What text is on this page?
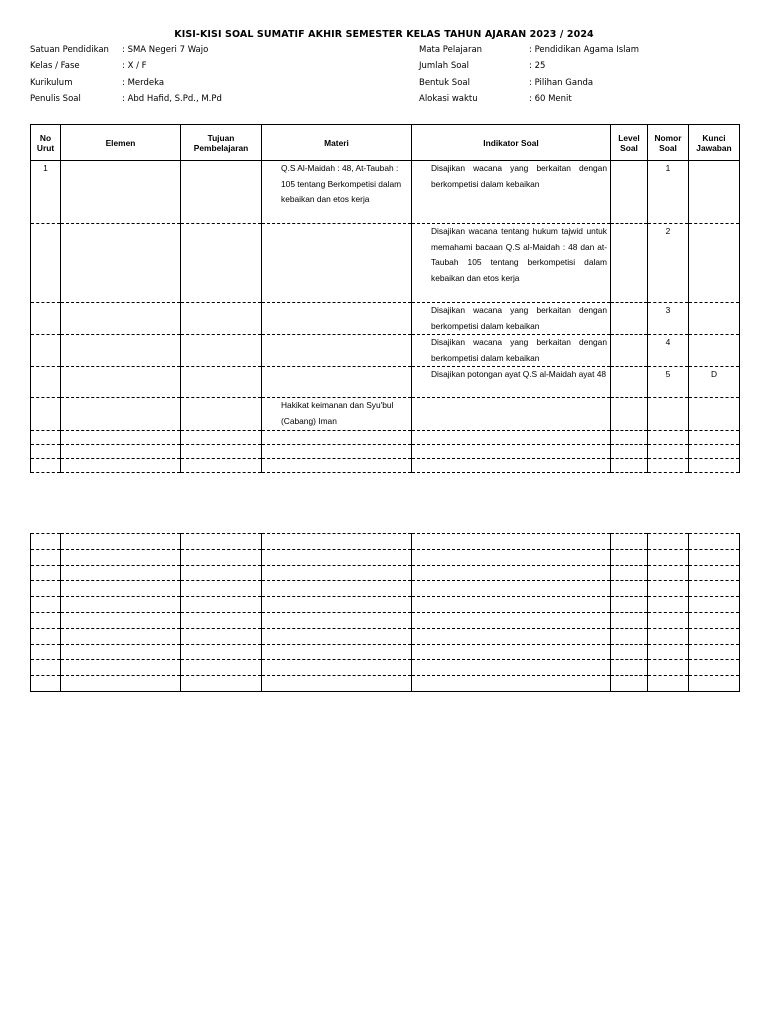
KISI-KISI SOAL SUMATIF AKHIR SEMESTER KELAS TAHUN AJARAN 2023 / 2024
Satuan Pendidikan	: SMA Negeri 7 Wajo
Kelas / Fase	: X / F
Kurikulum	: Merdeka
Penulis Soal	: Abd Hafid, S.Pd., M.Pd
Mata Pelajaran	: Pendidikan Agama Islam
Jumlah Soal	: 25
Bentuk Soal	: Pilihan Ganda
Alokasi waktu	: 60 Menit
No Urut	Elemen	Tujuan Pembelajaran	Materi	Indikator Soal	Level Soal	Nomor Soal	Kunci Jawaban
1			Q.S Al-Maidah : 48, At-Taubah : 105 tentang Berkompetisi dalam kebaikan dan etos kerja	Disajikan wacana yang berkaitan dengan berkompetisi dalam kebaikan		1	
				Disajikan wacana tentang hukum tajwid untuk memahami bacaan Q.S al-Maidah : 48 dan at-Taubah 105 tentang berkompetisi dalam kebaikan dan etos kerja		2	
				Disajikan wacana yang berkaitan dengan berkompetisi dalam kebaikan		3	
				Disajikan wacana yang berkaitan dengan berkompetisi dalam kebaikan		4	
				Disajikan potongan ayat Q.S al-Maidah ayat 48		5	D
			Hakikat keimanan dan Syu'bul (Cabang) Iman				
